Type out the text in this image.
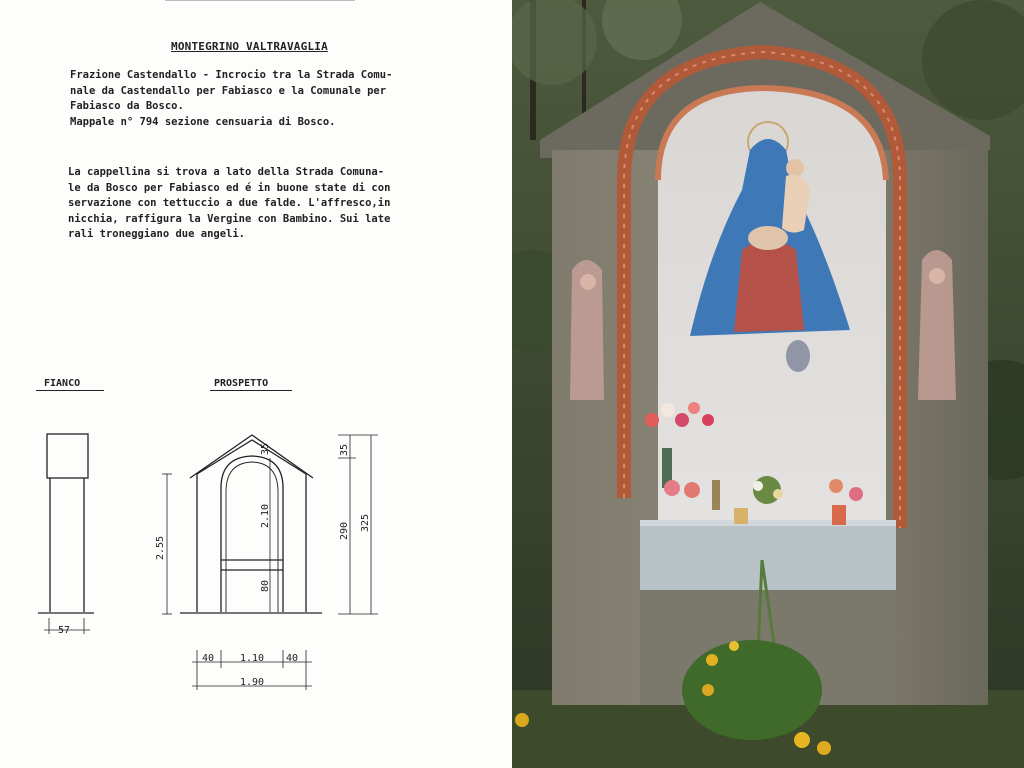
MONTEGRINO VALTRAVAGLIA
Frazione Castendallo - Incrocio tra la Strada Comu-
nale da Castendallo per Fabiasco e la Comunale per
Fabiasco da Bosco.
Mappale n° 794 sezione censuaria di Bosco.
La cappellina si trova a lato della Strada Comuna-
le da Bosco per Fabiasco ed é in buone state di con
servazione con tettuccio a due falde. L'affresco,in
nicchia, raffigura la Vergine con Bambino. Sui late
rali troneggiano due angeli.
FIANCO	PROSPETTO
57
2.55
2.10
80
35	35
290 325
40	1.10 40
1.90
